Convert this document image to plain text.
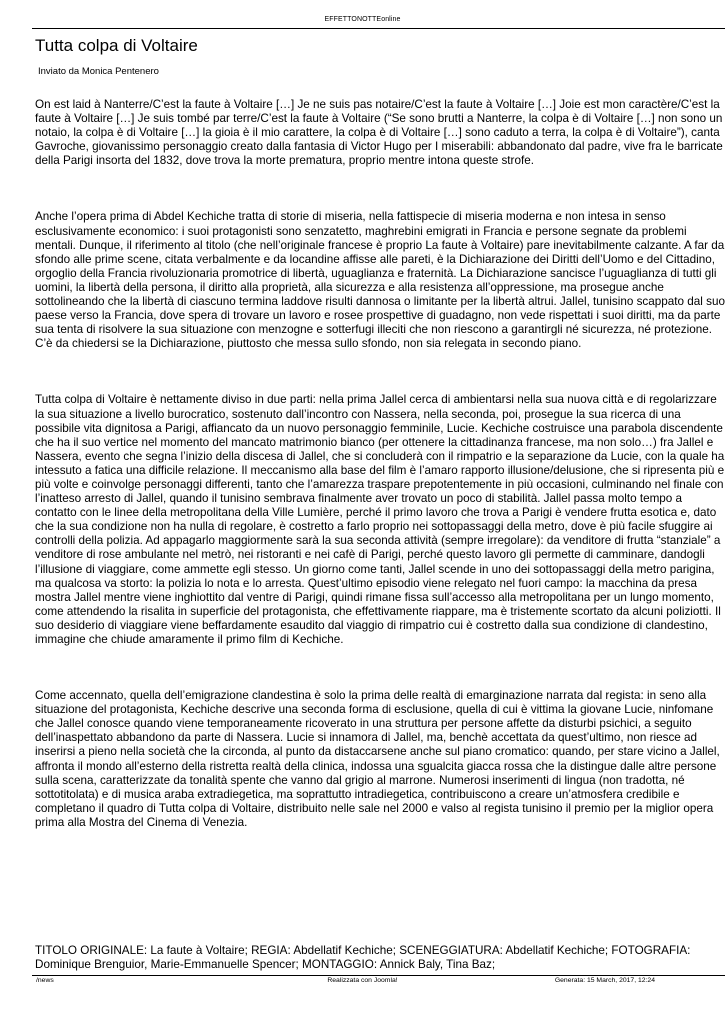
EFFETTONOTTEonline
Tutta colpa di Voltaire
Inviato da Monica Pentenero

On est laid à Nanterre/C’est la faute à Voltaire […] Je ne suis pas notaire/C’est la faute à Voltaire […] Joie est mon caractère/C’est la faute à Voltaire […] Je suis tombé par terre/C’est la faute à Voltaire (“Se sono brutti a Nanterre, la colpa è di Voltaire […] non sono un notaio, la colpa è di Voltaire […] la gioia è il mio carattere, la colpa è di Voltaire […] sono caduto a terra, la colpa è di Voltaire”), canta Gavroche, giovanissimo personaggio creato dalla fantasia di Victor Hugo per I miserabili: abbandonato dal padre, vive fra le barricate della Parigi insorta del 1832, dove trova la morte prematura, proprio mentre intona queste strofe.

Anche l’opera prima di Abdel Kechiche tratta di storie di miseria, nella fattispecie di miseria moderna e non intesa in senso esclusivamente economico: i suoi protagonisti sono senzatetto, maghrebini emigrati in Francia e persone segnate da problemi mentali. Dunque, il riferimento al titolo (che nell’originale francese è proprio La faute à Voltaire) pare inevitabilmente calzante. A far da sfondo alle prime scene, citata verbalmente e da locandine affisse alle pareti, è la Dichiarazione dei Diritti dell’Uomo e del Cittadino, orgoglio della Francia rivoluzionaria promotrice di libertà, uguaglianza e fraternità. La Dichiarazione sancisce l’uguaglianza di tutti gli uomini, la libertà della persona, il diritto alla proprietà, alla sicurezza e alla resistenza all’oppressione, ma prosegue anche sottolineando che la libertà di ciascuno termina laddove risulti dannosa o limitante per la libertà altrui. Jallel, tunisino scappato dal suo paese verso la Francia, dove spera di trovare un lavoro e rosee prospettive di guadagno, non vede rispettati i suoi diritti, ma da parte sua tenta di risolvere la sua situazione con menzogne e sotterfugi illeciti che non riescono a garantirgli né sicurezza, né protezione. C’è da chiedersi se la Dichiarazione, piuttosto che messa sullo sfondo, non sia relegata in secondo piano.

Tutta colpa di Voltaire è nettamente diviso in due parti: nella prima Jallel cerca di ambientarsi nella sua nuova città e di regolarizzare la sua situazione a livello burocratico, sostenuto dall’incontro con Nassera, nella seconda, poi, prosegue la sua ricerca di una possibile vita dignitosa a Parigi, affiancato da un nuovo personaggio femminile, Lucie. Kechiche costruisce una parabola discendente che ha il suo vertice nel momento del mancato matrimonio bianco (per ottenere la cittadinanza francese, ma non solo…) fra Jallel e Nassera, evento che segna l’inizio della discesa di Jallel, che si concluderà con il rimpatrio e la separazione da Lucie, con la quale ha intessuto a fatica una difficile relazione. Il meccanismo alla base del film è l’amaro rapporto illusione/delusione, che si ripresenta più e più volte e coinvolge personaggi differenti, tanto che l’amarezza traspare prepotentemente in più occasioni, culminando nel finale con l’inatteso arresto di Jallel, quando il tunisino sembrava finalmente aver trovato un poco di stabilità. Jallel passa molto tempo a contatto con le linee della metropolitana della Ville Lumière, perché il primo lavoro che trova a Parigi è vendere frutta esotica e, dato che la sua condizione non ha nulla di regolare, è costretto a farlo proprio nei sottopassaggi della metro, dove è più facile sfuggire ai controlli della polizia. Ad appagarlo maggiormente sarà la sua seconda attività (sempre irregolare): da venditore di frutta “stanziale” a venditore di rose ambulante nel metrò, nei ristoranti e nei cafè di Parigi, perché questo lavoro gli permette di camminare, dandogli l’illusione di viaggiare, come ammette egli stesso. Un giorno come tanti, Jallel scende in uno dei sottopassaggi della metro parigina, ma qualcosa va storto: la polizia lo nota e lo arresta. Quest’ultimo episodio viene relegato nel fuori campo: la macchina da presa mostra Jallel mentre viene inghiottito dal ventre di Parigi, quindi rimane fissa sull’accesso alla metropolitana per un lungo momento, come attendendo la risalita in superficie del protagonista, che effettivamente riappare, ma è tristemente scortato da alcuni poliziotti. Il suo desiderio di viaggiare viene beffardamente esaudito dal viaggio di rimpatrio cui è costretto dalla sua condizione di clandestino, immagine che chiude amaramente il primo film di Kechiche.

Come accennato, quella dell’emigrazione clandestina è solo la prima delle realtà di emarginazione narrata dal regista: in seno alla situazione del protagonista, Kechiche descrive una seconda forma di esclusione, quella di cui è vittima la giovane Lucie, ninfomane che Jallel conosce quando viene temporaneamente ricoverato in una struttura per persone affette da disturbi psichici, a seguito dell’inaspettato abbandono da parte di Nassera. Lucie si innamora di Jallel, ma, benchè accettata da quest’ultimo, non riesce ad inserirsi a pieno nella società che la circonda, al punto da distaccarsene anche sul piano cromatico: quando, per stare vicino a Jallel, affronta il mondo all’esterno della ristretta realtà della clinica, indossa una sgualcita giacca rossa che la distingue dalle altre persone sulla scena, caratterizzate da tonalità spente che vanno dal grigio al marrone. Numerosi inserimenti di lingua (non tradotta, né sottotitolata) e di musica araba extradiegetica, ma soprattutto intradiegetica, contribuiscono a creare un’atmosfera credibile e completano il quadro di Tutta colpa di Voltaire, distribuito nelle sale nel 2000 e valso al regista tunisino il premio per la miglior opera prima alla Mostra del Cinema di Venezia.

TITOLO ORIGINALE: La faute à Voltaire; REGIA: Abdellatif Kechiche; SCENEGGIATURA: Abdellatif Kechiche; FOTOGRAFIA: Dominique Brenguior, Marie-Emmanuelle Spencer; MONTAGGIO: Annick Baly, Tina Baz;
/news	Realizzata con Joomla!	Generata: 15 March, 2017, 12:24
